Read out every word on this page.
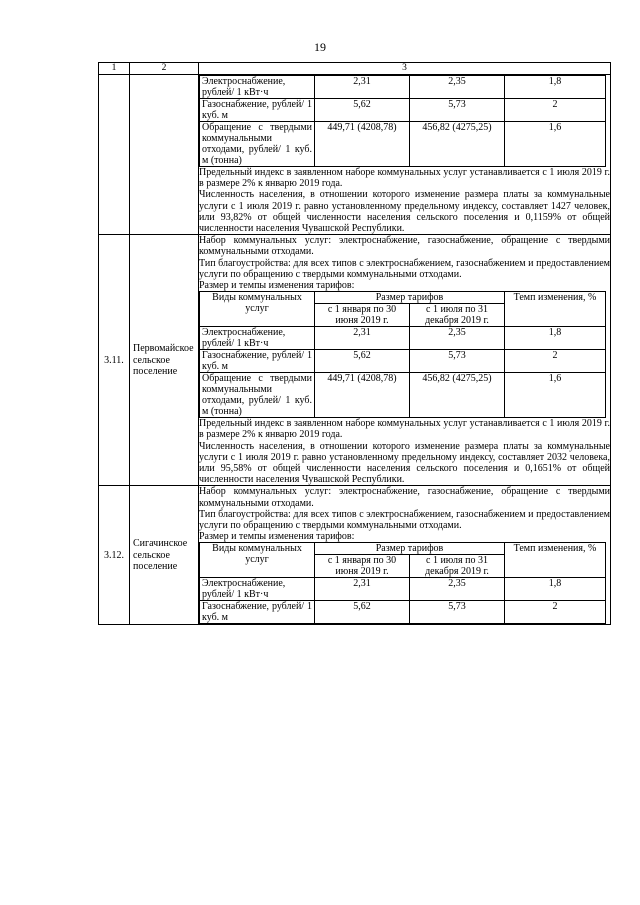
19
1	2	3

Электроснабжение, рублей/ 1 кВт·ч	2,31	2,35	1,8
Газоснабжение, рублей/ 1 куб. м	5,62	5,73	2
Обращение с твердыми коммунальными отходами, рублей/ 1 куб. м (тонна)	449,71 (4208,78)	456,82 (4275,25)	1,6
Предельный индекс в заявленном наборе коммунальных услуг устанавливается с 1 июля 2019 г. в размере 2% к январю 2019 года.
Численность населения, в отношении которого изменение размера платы за коммунальные услуги с 1 июля 2019 г. равно установленному предельному индексу, составляет 1427 человек, или 93,82% от общей численности населения сельского поселения и 0,1159% от общей численности населения Чувашской Республики.

3.11.	Первомайское сельское поселение	
Набор коммунальных услуг: электроснабжение, газоснабжение, обращение с твердыми коммунальными отходами.
Тип благоустройства: для всех типов с электроснабжением, газоснабжением и предоставлением услуги по обращению с твердыми коммунальными отходами.
Размер и темпы изменения тарифов:
Виды коммунальных услуг	Размер тарифов	Темп изменения, %
с 1 января по 30 июня 2019 г.	с 1 июля по 31 декабря 2019 г.
Электроснабжение, рублей/ 1 кВт·ч	2,31	2,35	1,8
Газоснабжение, рублей/ 1 куб. м	5,62	5,73	2
Обращение с твердыми коммунальными отходами, рублей/ 1 куб. м (тонна)	449,71 (4208,78)	456,82 (4275,25)	1,6
Предельный индекс в заявленном наборе коммунальных услуг устанавливается с 1 июля 2019 г. в размере 2% к январю 2019 года.
Численность населения, в отношении которого изменение размера платы за коммунальные услуги с 1 июля 2019 г. равно установленному предельному индексу, составляет 2032 человека, или 95,58% от общей численности населения сельского поселения и 0,1651% от общей численности населения Чувашской Республики.

3.12.	Сигачинское сельское поселение	
Набор коммунальных услуг: электроснабжение, газоснабжение, обращение с твердыми коммунальными отходами.
Тип благоустройства: для всех типов с электроснабжением, газоснабжением и предоставлением услуги по обращению с твердыми коммунальными отходами.
Размер и темпы изменения тарифов:
Виды коммунальных услуг	Размер тарифов	Темп изменения, %
с 1 января по 30 июня 2019 г.	с 1 июля по 31 декабря 2019 г.
Электроснабжение, рублей/ 1 кВт·ч	2,31	2,35	1,8
Газоснабжение, рублей/ 1 куб. м	5,62	5,73	2
